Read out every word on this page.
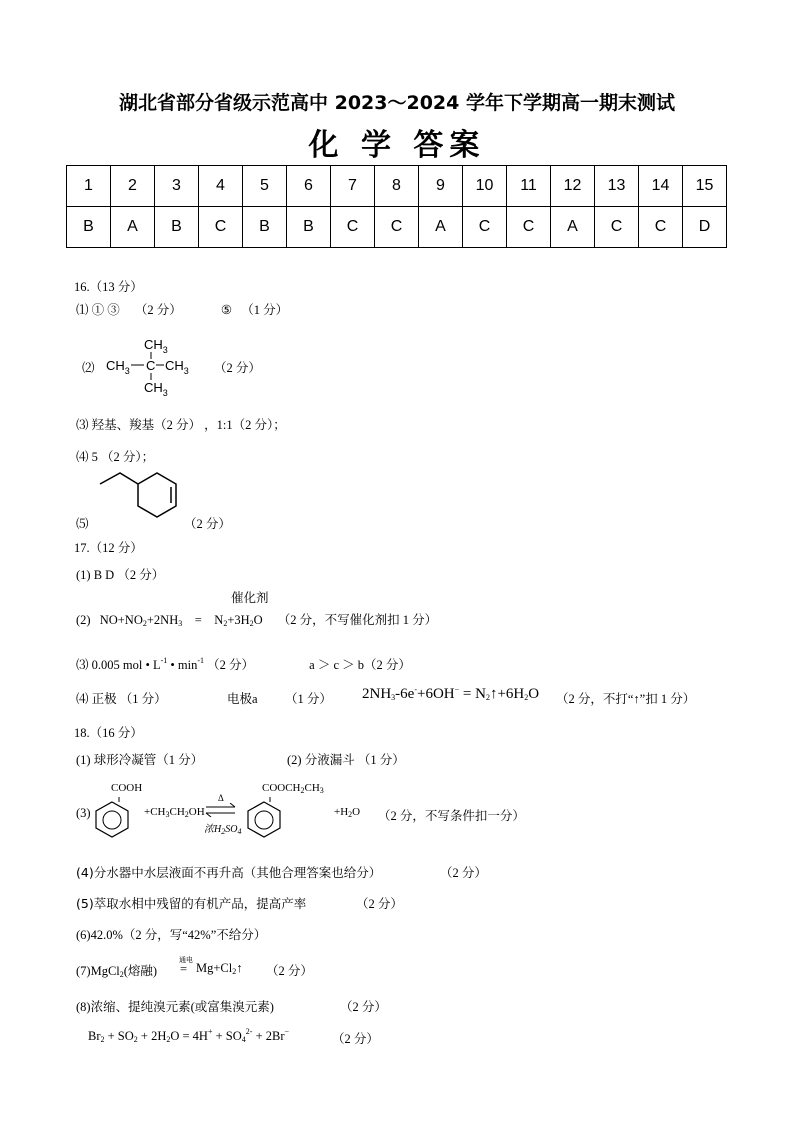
湖北省部分省级示范高中 2023～2024 学年下学期高一期末测试
化 学 答案
1	2	3	4	5	6	7	8	9	10	11	12	13	14	15
B	A	B	C	B	B	C	C	A	C	C	A	C	C	D
16.（13 分）
⑴ ① ③ （2 分）	⑤ （1 分）
⑵
$CH_3$
$CH_3$ C $CH_3$
$CH_3$
（2 分）
⑶ 羟基、羧基（2 分） ，1:1（2 分）；
⑷ 5 （2 分）；
⑸	（2 分）
17.（12 分）
(1) B D （2 分）
催化剂
(2) $NO+NO_2+2NH_3$    =    $N_2+3H_2O$ （2 分，不写催化剂扣 1 分）
⑶ 0.005 mol • $L^{-1}$ • $\min^{-1} (2$ 分）	a ＞ c ＞ b（2 分）
⑷ 正极 （1 分）	电极a （1 分） $2NH_3-6e^-+6OH^-$ = $N_2↑+6H_2O$ （2 分，不打“↑”扣 1 分）
18.（16 分）
(1) 球形冷凝管（1 分）	(2) 分液漏斗 （1 分）
(3)
COOH
$+CH_3CH_2OH$
Δ
浓$H_2SO_4$
$COOCH_2CH_3$
$+H_2O$ （2 分，不写条件扣一分）
(4)分水器中水层液面不再升高（其他合理答案也给分）	（2 分）
(5)萃取水相中残留的有机产品，提高产率	（2 分）
(6)42.0%（2 分，写“42%”不给分）
(7)MgCl$_2$(熔融)
通电
= $Mg+Cl_2↑$ （2 分）
(8)浓缩、提纯溴元素(或富集溴元素)	（2 分）
$Br_2 + SO_2 + 2H_2O = 4H^+ + SO_4^{2-} + 2Br^-$
（2 分）
